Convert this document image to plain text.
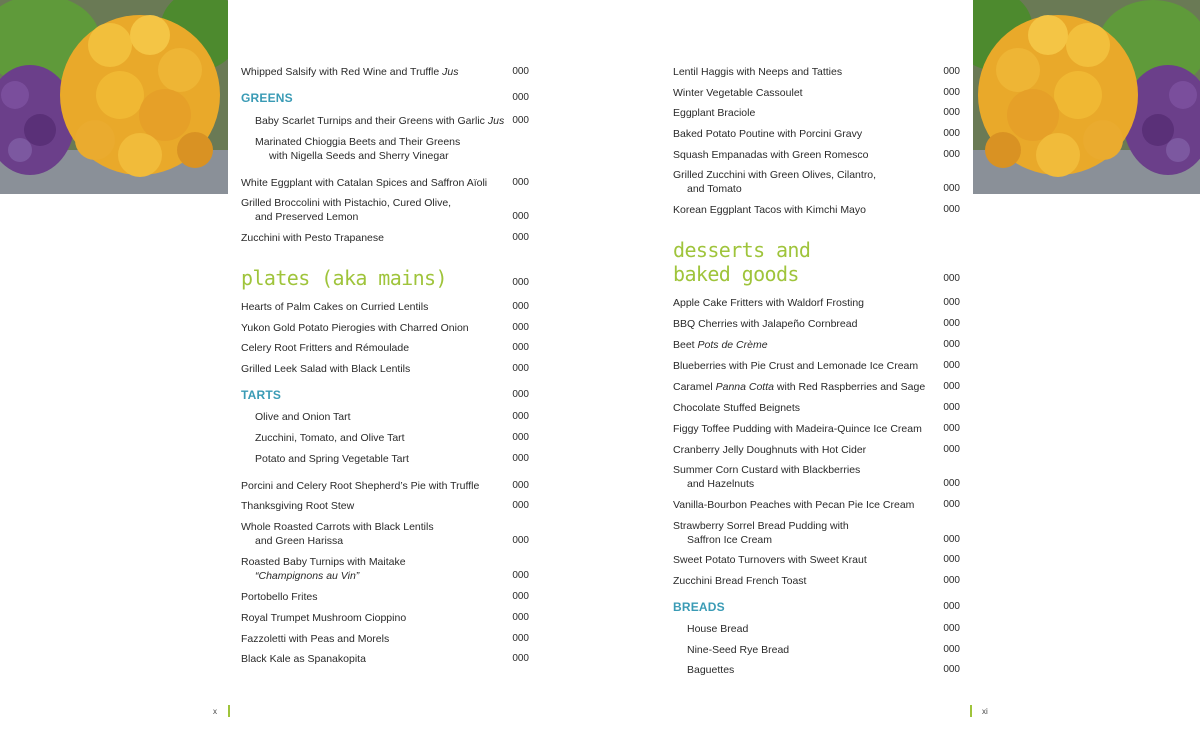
Whipped Salsify with Red Wine and Truffle Jus	000
GREENS	000
Baby Scarlet Turnips and their Greens with Garlic Jus 000
Marinated Chioggia Beets and Their Greens
with Nigella Seeds and Sherry Vinegar
White Eggplant with Catalan Spices and Saffron Aïoli	000
Grilled Broccolini with Pistachio, Cured Olive,
and Preserved Lemon	000
Zucchini with Pesto Trapanese	000
plates (aka mains)	000
Hearts of Palm Cakes on Curried Lentils	000
Yukon Gold Potato Pierogies with Charred Onion	000
Celery Root Fritters and Rémoulade	000
Grilled Leek Salad with Black Lentils	000
TARTS	000
Olive and Onion Tart	000
Zucchini, Tomato, and Olive Tart	000
Potato and Spring Vegetable Tart	000
Porcini and Celery Root Shepherd’s Pie with Truffle	000
Thanksgiving Root Stew	000
Whole Roasted Carrots with Black Lentils
and Green Harissa	000
Roasted Baby Turnips with Maitake
“Champignons au Vin”	000
Portobello Frites	000
Royal Trumpet Mushroom Cioppino	000
Fazzoletti with Peas and Morels	000
Black Kale as Spanakopita	000
Lentil Haggis with Neeps and Tatties	000
Winter Vegetable Cassoulet	000
Eggplant Braciole	000
Baked Potato Poutine with Porcini Gravy	000
Squash Empanadas with Green Romesco	000
Grilled Zucchini with Green Olives, Cilantro,
and Tomato	000
Korean Eggplant Tacos with Kimchi Mayo	000
desserts and
baked goods	000
Apple Cake Fritters with Waldorf Frosting	000
BBQ Cherries with Jalapeño Cornbread	000
Beet Pots de Crème	000
Blueberries with Pie Crust and Lemonade Ice Cream	000
Caramel Panna Cotta with Red Raspberries and Sage	000
Chocolate Stuffed Beignets	000
Figgy Toffee Pudding with Madeira-Quince Ice Cream	000
Cranberry Jelly Doughnuts with Hot Cider	000
Summer Corn Custard with Blackberries
and Hazelnuts	000
Vanilla-Bourbon Peaches with Pecan Pie Ice Cream	000
Strawberry Sorrel Bread Pudding with
Saffron Ice Cream	000
Sweet Potato Turnovers with Sweet Kraut	000
Zucchini Bread French Toast	000
BREADS	000
House Bread	000
Nine-Seed Rye Bread	000
Baguettes	000
x	xi
